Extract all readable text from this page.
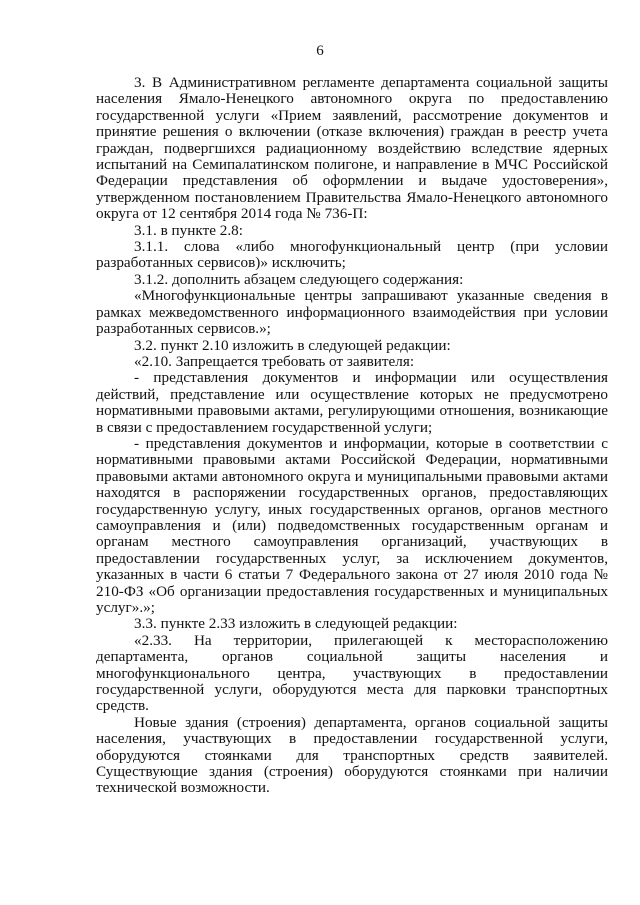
6

3. В Административном регламенте департамента социальной защиты населения Ямало-Ненецкого автономного округа по предоставлению государственной услуги «Прием заявлений, рассмотрение документов и принятие решения о включении (отказе включения) граждан в реестр учета граждан, подвергшихся радиационному воздействию вследствие ядерных испытаний на Семипалатинском полигоне, и направление в МЧС Российской Федерации представления об оформлении и выдаче удостоверения», утвержденном постановлением Правительства Ямало-Ненецкого автономного округа от 12 сентября 2014 года № 736-П:

3.1. в пункте 2.8:

3.1.1. слова «либо многофункциональный центр (при условии разработанных сервисов)» исключить;

3.1.2. дополнить абзацем следующего содержания:

«Многофункциональные центры запрашивают указанные сведения в рамках межведомственного информационного взаимодействия при условии разработанных сервисов.»;

3.2. пункт 2.10 изложить в следующей редакции:

«2.10. Запрещается требовать от заявителя:

- представления документов и информации или осуществления действий, представление или осуществление которых не предусмотрено нормативными правовыми актами, регулирующими отношения, возникающие в связи с предоставлением государственной услуги;

- представления документов и информации, которые в соответствии с нормативными правовыми актами Российской Федерации, нормативными правовыми актами автономного округа и муниципальными правовыми актами находятся в распоряжении государственных органов, предоставляющих государственную услугу, иных государственных органов, органов местного самоуправления и (или) подведомственных государственным органам и органам местного самоуправления организаций, участвующих в предоставлении государственных услуг, за исключением документов, указанных в части 6 статьи 7 Федерального закона от 27 июля 2010 года № 210-ФЗ «Об организации предоставления государственных и муниципальных услуг».»;

3.3. пункте 2.33 изложить в следующей редакции:

«2.33. На территории, прилегающей к месторасположению департамента, органов социальной защиты населения и многофункционального центра, участвующих в предоставлении государственной услуги, оборудуются места для парковки транспортных средств.

Новые здания (строения) департамента, органов социальной защиты населения, участвующих в предоставлении государственной услуги, оборудуются стоянками для транспортных средств заявителей. Существующие здания (строения) оборудуются стоянками при наличии технической возможности.
